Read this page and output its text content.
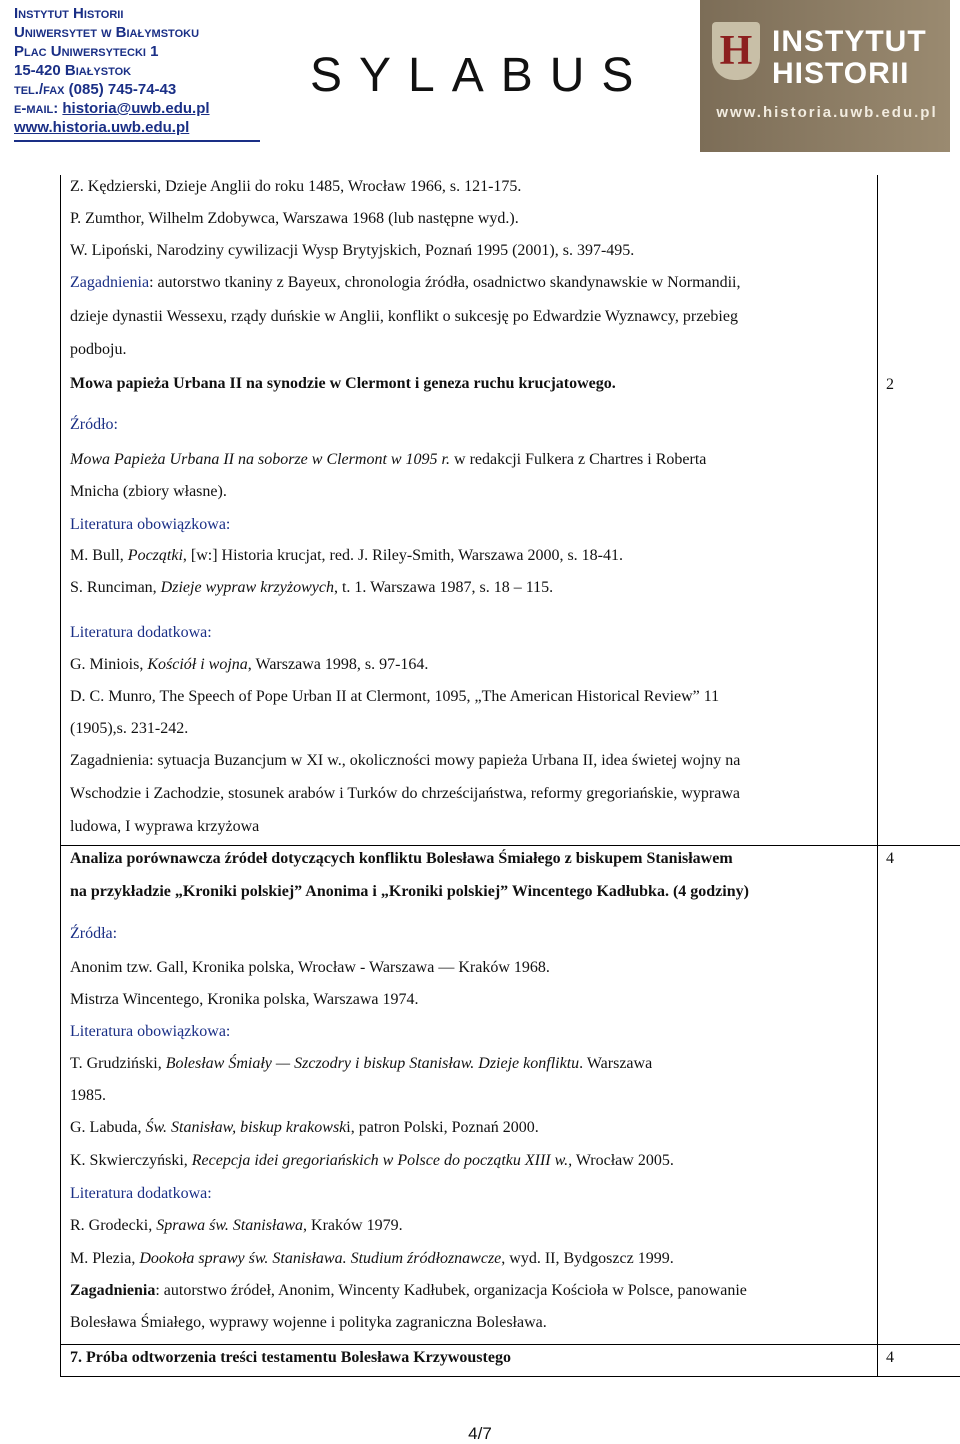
Instytut Historii
Uniwersytet w Białymstoku
Plac Uniwersytecki 1
15-420 Białystok
tel./fax (085) 745-74-43
e-mail: historia@uwb.edu.pl
www.historia.uwb.edu.pl
SYLABUS H INSTYTUT
HISTORII
www.historia.uwb.edu.pl
Z. Kędzierski, Dzieje Anglii do roku 1485, Wrocław 1966, s. 121-175.
P. Zumthor, Wilhelm Zdobywca, Warszawa 1968 (lub następne wyd.).
W. Lipoński, Narodziny cywilizacji Wysp Brytyjskich, Poznań 1995 (2001), s. 397-495.
Zagadnienia: autorstwo tkaniny z Bayeux, chronologia źródła, osadnictwo skandynawskie w Normandii,
dzieje dynastii Wessexu, rządy duńskie w Anglii, konflikt o sukcesję po Edwardzie Wyznawcy, przebieg
podboju.
Mowa papieża Urbana II na synodzie w Clermont i geneza ruchu krucjatowego.	2
Źródło:
Mowa Papieża Urbana II na soborze w Clermont w 1095 r. w redakcji Fulkera z Chartres i Roberta
Mnicha (zbiory własne).
Literatura obowiązkowa:
M. Bull, Początki, [w:] Historia krucjat, red. J. Riley-Smith, Warszawa 2000, s. 18-41.
S. Runciman, Dzieje wypraw krzyżowych, t. 1. Warszawa 1987, s. 18 – 115.
Literatura dodatkowa:
G. Miniois, Kościół i wojna, Warszawa 1998, s. 97-164.
D. C. Munro, The Speech of Pope Urban II at Clermont, 1095, „The American Historical Review” 11
(1905),s. 231-242.
Zagadnienia: sytuacja Buzancjum w XI w., okoliczności mowy papieża Urbana II, idea świetej wojny na
Wschodzie i Zachodzie, stosunek arabów i Turków do chrześcijaństwa, reformy gregoriańskie, wyprawa
ludowa, I wyprawa krzyżowa
Analiza porównawcza źródeł dotyczących konfliktu Bolesława Śmiałego z biskupem Stanisławem	4
na przykładzie „Kroniki polskiej” Anonima i „Kroniki polskiej” Wincentego Kadłubka. (4 godziny)
Źródła:
Anonim tzw. Gall, Kronika polska, Wrocław - Warszawa — Kraków 1968.
Mistrza Wincentego, Kronika polska, Warszawa 1974.
Literatura obowiązkowa:
T. Grudziński, Bolesław Śmiały — Szczodry i biskup Stanisław. Dzieje konfliktu. Warszawa
1985.
G. Labuda, Św. Stanisław, biskup krakowski, patron Polski, Poznań 2000.
K. Skwierczyński, Recepcja idei gregoriańskich w Polsce do początku XIII w., Wrocław 2005.
Literatura dodatkowa:
R. Grodecki, Sprawa św. Stanisława, Kraków 1979.
M. Plezia, Dookoła sprawy św. Stanisława. Studium źródłoznawcze, wyd. II, Bydgoszcz 1999.
Zagadnienia: autorstwo źródeł, Anonim, Wincenty Kadłubek, organizacja Kościoła w Polsce, panowanie
Bolesława Śmiałego, wyprawy wojenne i polityka zagraniczna Bolesława.
7. Próba odtworzenia treści testamentu Bolesława Krzywoustego	4
4/7
